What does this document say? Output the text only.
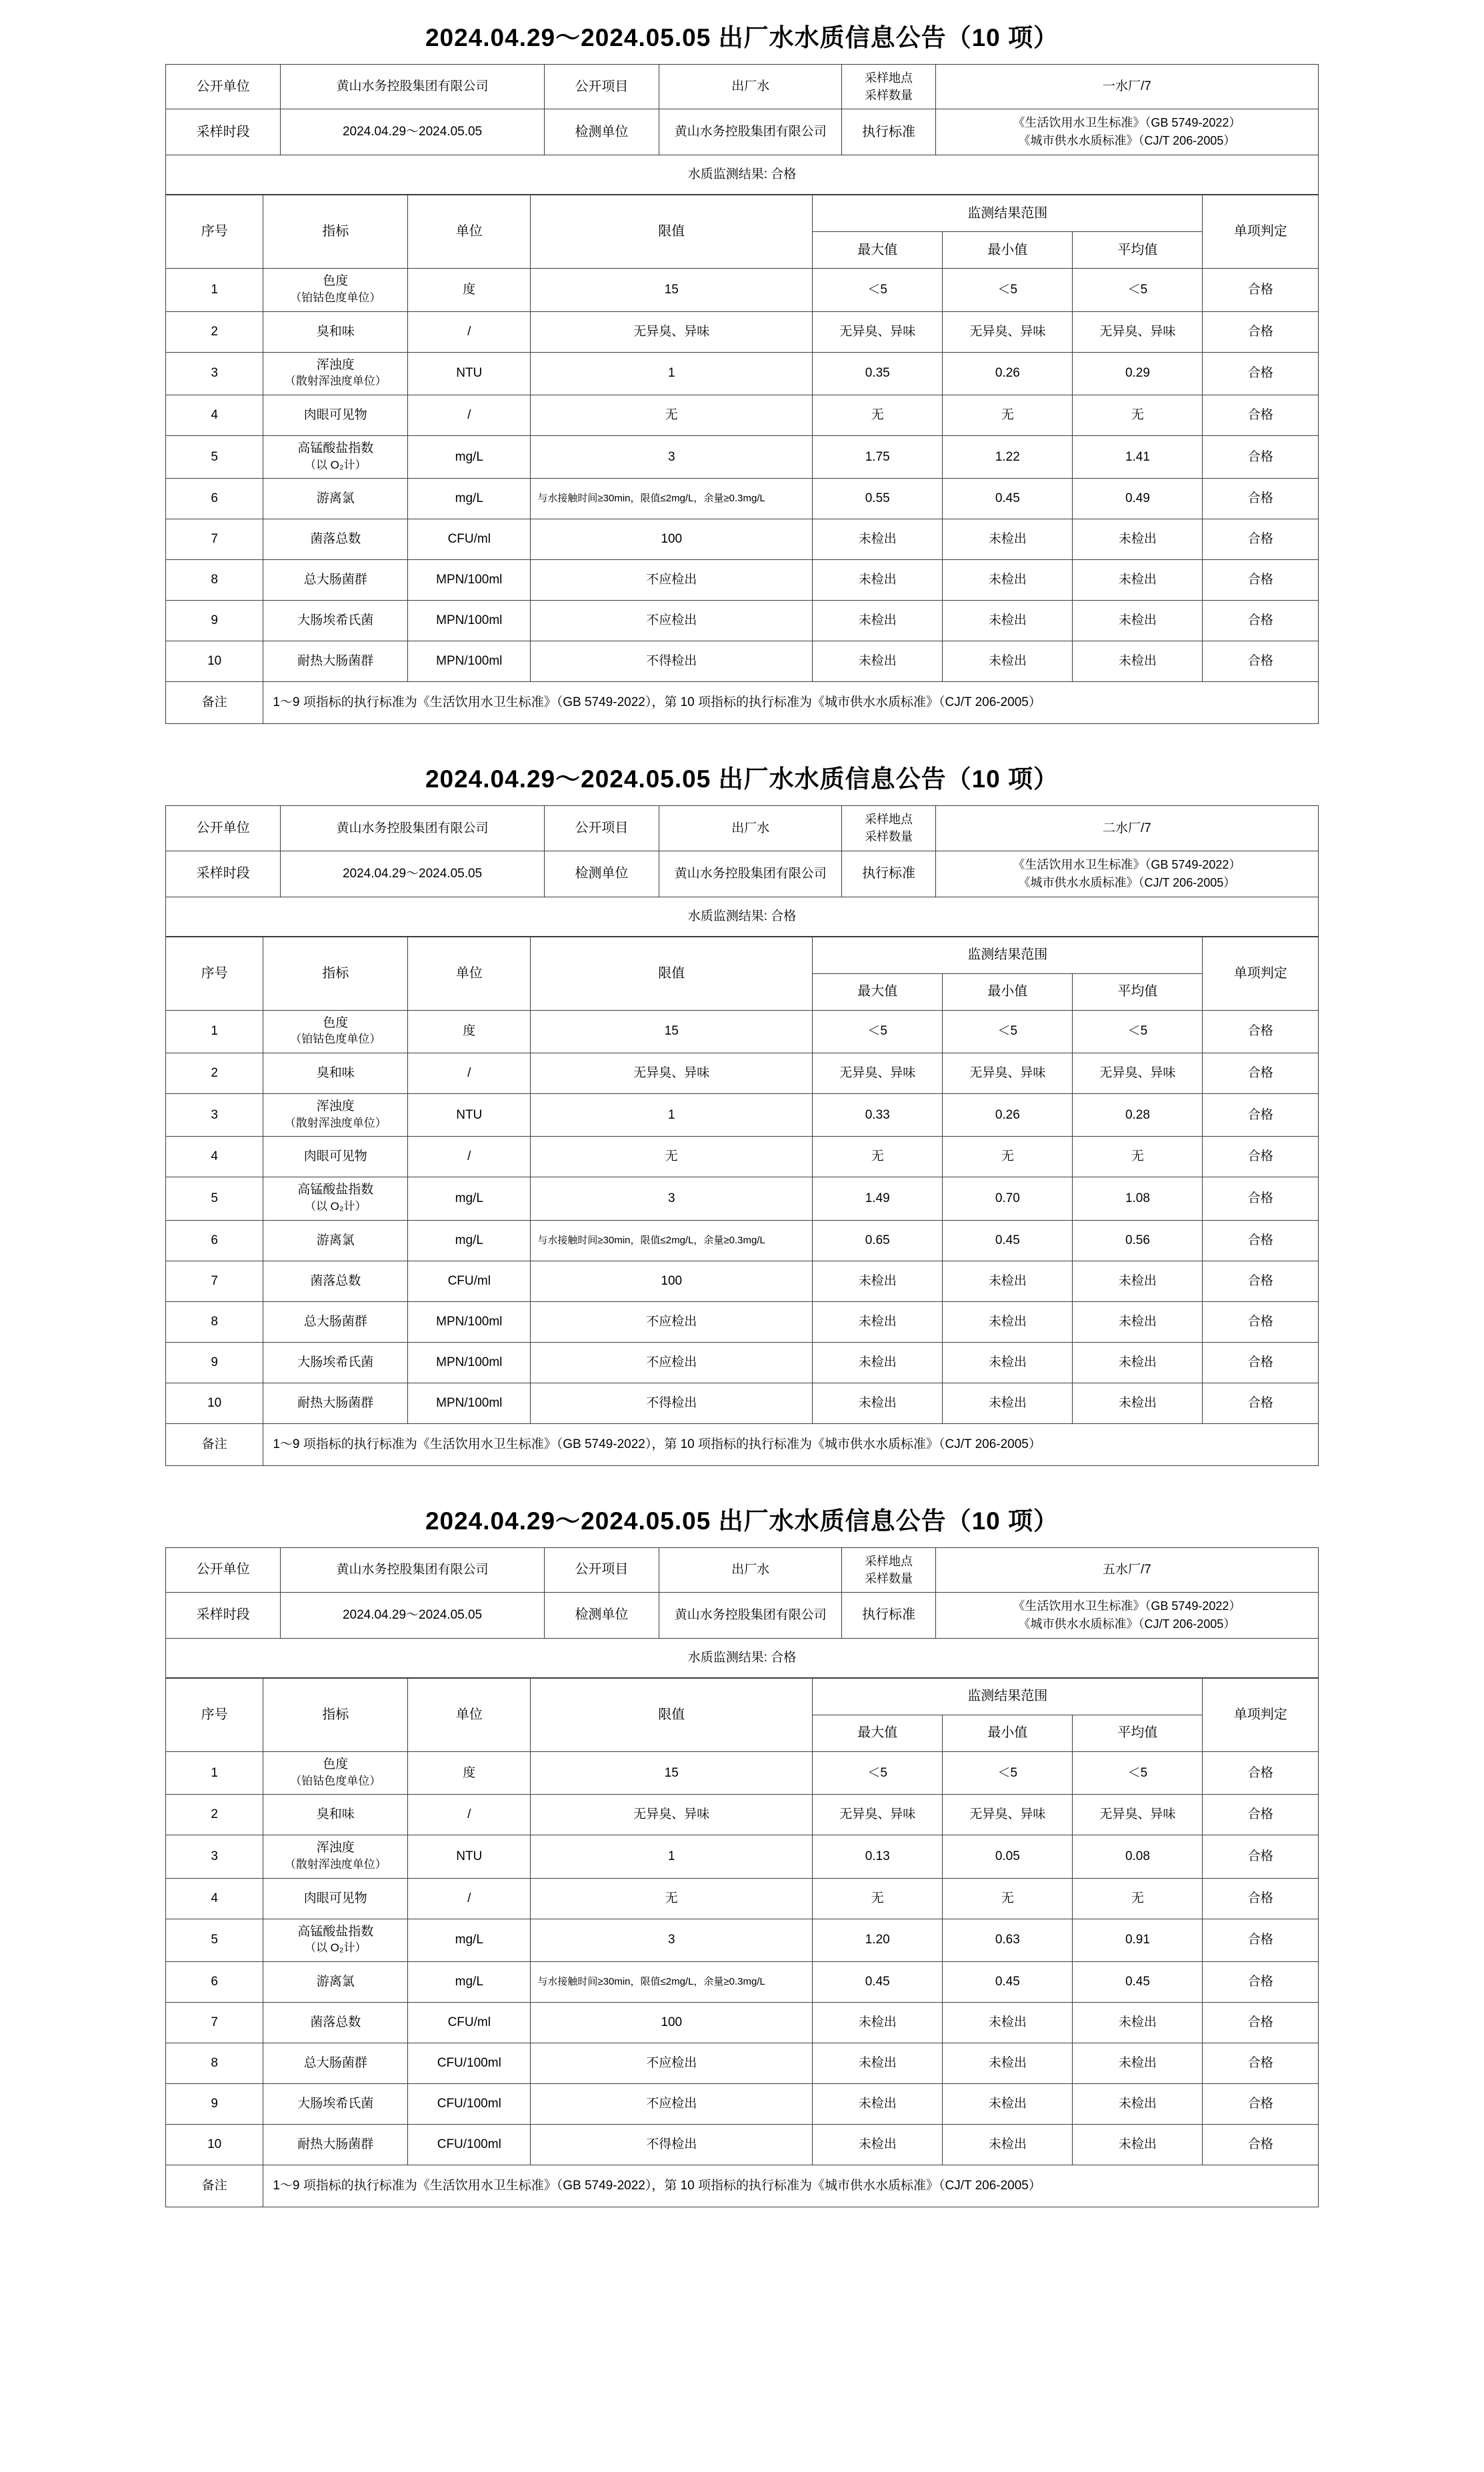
2024.04.29～2024.05.05 出厂水水质信息公告（10 项）
公开单位	黄山水务控股集团有限公司	公开项目	出厂水	采样地点
采样数量	一水厂/7
采样时段	2024.04.29～2024.05.05	检测单位	黄山水务控股集团有限公司	执行标准	《生活饮用水卫生标准》（GB 5749-2022）
《城市供水水质标准》（CJ/T 206-2005）
水质监测结果: 合格					
序号	指标	单位	限值	监测结果范围			单项判定
				最大值	最小值	平均值	
1	色度
（铂钴色度单位）	度	15	＜5	＜5	＜5	合格
2	臭和味	/	无异臭、异味	无异臭、异味	无异臭、异味	无异臭、异味	合格
3	浑浊度
（散射浑浊度单位）	NTU	1	0.35	0.26	0.29	合格
4	肉眼可见物	/	无	无	无	无	合格
5	高锰酸盐指数
（以 O₂计）	mg/L	3	1.75	1.22	1.41	合格
6	游离氯	mg/L	与水接触时间≥30min，限值≤2mg/L，余量≥0.3mg/L	0.55	0.45	0.49	合格
7	菌落总数	CFU/ml	100	未检出	未检出	未检出	合格
8	总大肠菌群	MPN/100ml	不应检出	未检出	未检出	未检出	合格
9	大肠埃希氏菌	MPN/100ml	不应检出	未检出	未检出	未检出	合格
10	耐热大肠菌群	MPN/100ml	不得检出	未检出	未检出	未检出	合格
备注	1～9 项指标的执行标准为《生活饮用水卫生标准》（GB 5749-2022），第 10 项指标的执行标准为《城市供水水质标准》（CJ/T 206-2005）						
2024.04.29～2024.05.05 出厂水水质信息公告（10 项）
公开单位	黄山水务控股集团有限公司	公开项目	出厂水	采样地点
采样数量	二水厂/7
采样时段	2024.04.29～2024.05.05	检测单位	黄山水务控股集团有限公司	执行标准	《生活饮用水卫生标准》（GB 5749-2022）
《城市供水水质标准》（CJ/T 206-2005）
水质监测结果: 合格					
序号	指标	单位	限值	监测结果范围			单项判定
				最大值	最小值	平均值	
1	色度
（铂钴色度单位）	度	15	＜5	＜5	＜5	合格
2	臭和味	/	无异臭、异味	无异臭、异味	无异臭、异味	无异臭、异味	合格
3	浑浊度
（散射浑浊度单位）	NTU	1	0.33	0.26	0.28	合格
4	肉眼可见物	/	无	无	无	无	合格
5	高锰酸盐指数
（以 O₂计）	mg/L	3	1.49	0.70	1.08	合格
6	游离氯	mg/L	与水接触时间≥30min，限值≤2mg/L，余量≥0.3mg/L	0.65	0.45	0.56	合格
7	菌落总数	CFU/ml	100	未检出	未检出	未检出	合格
8	总大肠菌群	MPN/100ml	不应检出	未检出	未检出	未检出	合格
9	大肠埃希氏菌	MPN/100ml	不应检出	未检出	未检出	未检出	合格
10	耐热大肠菌群	MPN/100ml	不得检出	未检出	未检出	未检出	合格
备注	1～9 项指标的执行标准为《生活饮用水卫生标准》（GB 5749-2022），第 10 项指标的执行标准为《城市供水水质标准》（CJ/T 206-2005）						
2024.04.29～2024.05.05 出厂水水质信息公告（10 项）
公开单位	黄山水务控股集团有限公司	公开项目	出厂水	采样地点
采样数量	五水厂/7
采样时段	2024.04.29～2024.05.05	检测单位	黄山水务控股集团有限公司	执行标准	《生活饮用水卫生标准》（GB 5749-2022）
《城市供水水质标准》（CJ/T 206-2005）
水质监测结果: 合格					
序号	指标	单位	限值	监测结果范围			单项判定
				最大值	最小值	平均值	
1	色度
（铂钴色度单位）	度	15	＜5	＜5	＜5	合格
2	臭和味	/	无异臭、异味	无异臭、异味	无异臭、异味	无异臭、异味	合格
3	浑浊度
（散射浑浊度单位）	NTU	1	0.13	0.05	0.08	合格
4	肉眼可见物	/	无	无	无	无	合格
5	高锰酸盐指数
（以 O₂计）	mg/L	3	1.20	0.63	0.91	合格
6	游离氯	mg/L	与水接触时间≥30min，限值≤2mg/L，余量≥0.3mg/L	0.45	0.45	0.45	合格
7	菌落总数	CFU/ml	100	未检出	未检出	未检出	合格
8	总大肠菌群	CFU/100ml	不应检出	未检出	未检出	未检出	合格
9	大肠埃希氏菌	CFU/100ml	不应检出	未检出	未检出	未检出	合格
10	耐热大肠菌群	CFU/100ml	不得检出	未检出	未检出	未检出	合格
备注	1～9 项指标的执行标准为《生活饮用水卫生标准》（GB 5749-2022），第 10 项指标的执行标准为《城市供水水质标准》（CJ/T 206-2005）						
